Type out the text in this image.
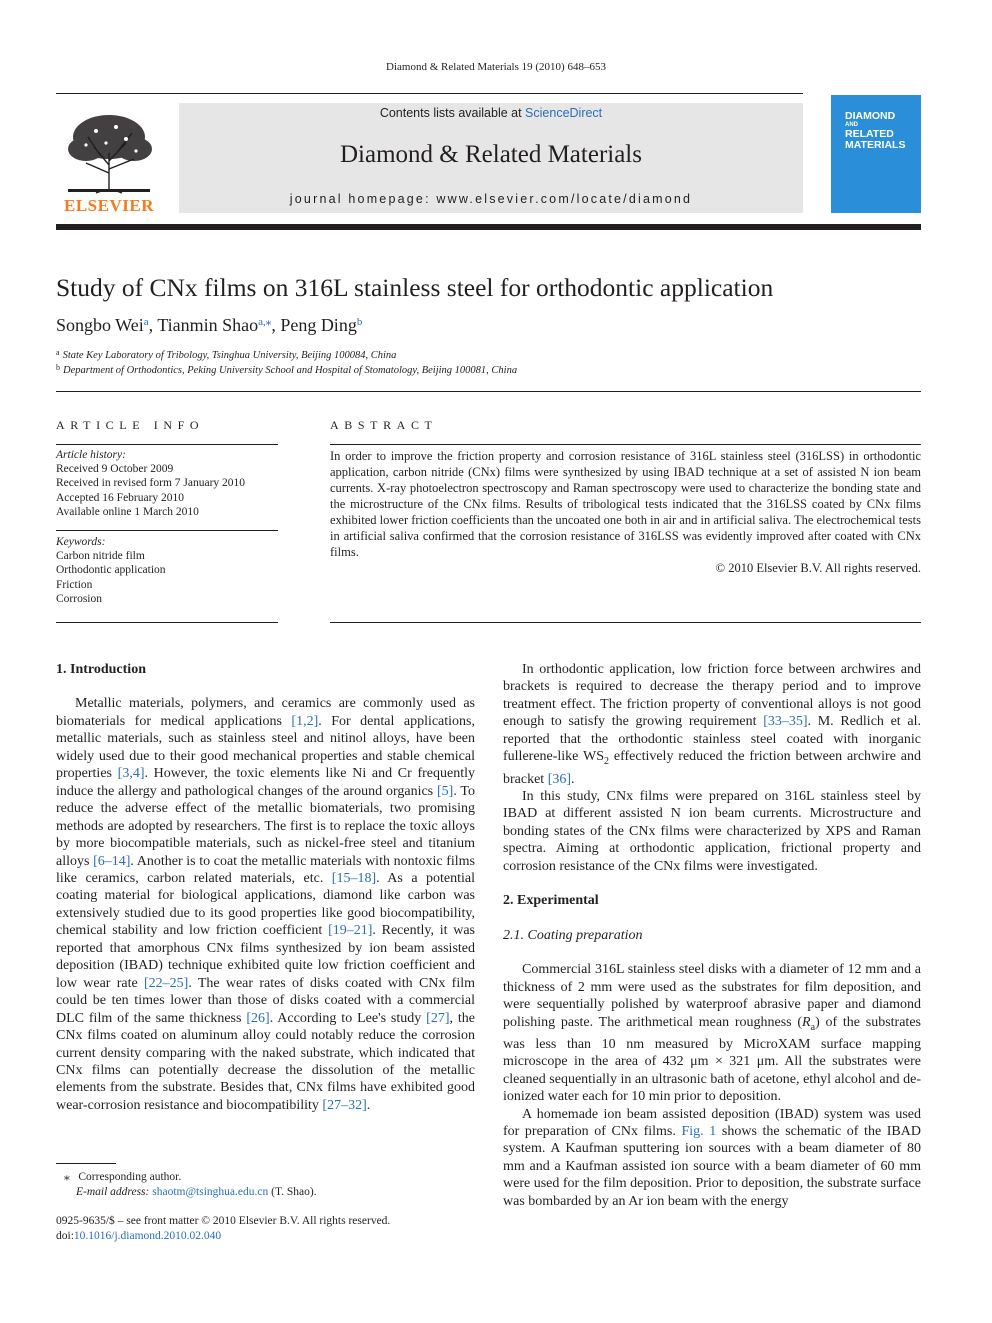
Diamond & Related Materials 19 (2010) 648–653
ELSEVIER
Contents lists available at ScienceDirect
Diamond & Related Materials
journal homepage: www.elsevier.com/locate/diamond
DIAMOND
AND
RELATED
MATERIALS
Study of CNx films on 316L stainless steel for orthodontic application
Songbo Wei$^a$, Tianmin Shao$^{a,⁎}$, Peng Ding$^b$
$^a$ State Key Laboratory of Tribology, Tsinghua University, Beijing 100084, China
$^b$ Department of Orthodontics, Peking University School and Hospital of Stomatology, Beijing 100081, China
ARTICLE INFO
Article history:
Received 9 October 2009
Received in revised form 7 January 2010
Accepted 16 February 2010
Available online 1 March 2010
Keywords:
Carbon nitride film
Orthodontic application
Friction
Corrosion
ABSTRACT
In order to improve the friction property and corrosion resistance of 316L stainless steel (316LSS) in orthodontic application, carbon nitride (CNx) films were synthesized by using IBAD technique at a set of assisted N ion beam currents. X-ray photoelectron spectroscopy and Raman spectroscopy were used to characterize the bonding state and the microstructure of the CNx films. Results of tribological tests indicated that the 316LSS coated by CNx films exhibited lower friction coefficients than the uncoated one both in air and in artificial saliva. The electrochemical tests in artificial saliva confirmed that the corrosion resistance of 316LSS was evidently improved after coated with CNx films.
© 2010 Elsevier B.V. All rights reserved.
1. Introduction

Metallic materials, polymers, and ceramics are commonly used as biomaterials for medical applications [1,2]. For dental applications, metallic materials, such as stainless steel and nitinol alloys, have been widely used due to their good mechanical properties and stable chemical properties [3,4]. However, the toxic elements like Ni and Cr frequently induce the allergy and pathological changes of the around organics [5]. To reduce the adverse effect of the metallic biomaterials, two promising methods are adopted by researchers. The first is to replace the toxic alloys by more biocompatible materials, such as nickel-free steel and titanium alloys [6–14]. Another is to coat the metallic materials with nontoxic films like ceramics, carbon related materials, etc. [15–18]. As a potential coating material for biological applications, diamond like carbon was extensively studied due to its good properties like good biocompatibility, chemical stability and low friction coefficient [19–21]. Recently, it was reported that amorphous CNx films synthesized by ion beam assisted deposition (IBAD) technique exhibited quite low friction coefficient and low wear rate [22–25]. The wear rates of disks coated with CNx film could be ten times lower than those of disks coated with a commercial DLC film of the same thickness [26]. According to Lee's study [27], the CNx films coated on aluminum alloy could notably reduce the corrosion current density comparing with the naked substrate, which indicated that CNx films can potentially decrease the dissolution of the metallic elements from the substrate. Besides that, CNx films have exhibited good wear-corrosion resistance and biocompatibility [27–32].

⁎ Corresponding author.
E-mail address: shaotm@tsinghua.edu.cn (T. Shao).
0925-9635/$ – see front matter © 2010 Elsevier B.V. All rights reserved.
doi:10.1016/j.diamond.2010.02.040

In orthodontic application, low friction force between archwires and brackets is required to decrease the therapy period and to improve treatment effect. The friction property of conventional alloys is not good enough to satisfy the growing requirement [33–35]. M. Redlich et al. reported that the orthodontic stainless steel coated with inorganic fullerene-like $WS_2$ effectively reduced the friction between archwire and bracket [36].

In this study, CNx films were prepared on 316L stainless steel by IBAD at different assisted N ion beam currents. Microstructure and bonding states of the CNx films were characterized by XPS and Raman spectra. Aiming at orthodontic application, frictional property and corrosion resistance of the CNx films were investigated.

2. Experimental
2.1. Coating preparation

Commercial 316L stainless steel disks with a diameter of 12 mm and a thickness of 2 mm were used as the substrates for film deposition, and were sequentially polished by waterproof abrasive paper and diamond polishing paste. The arithmetical mean roughness $(R_a)$ of the substrates was less than 10 nm measured by MicroXAM surface mapping microscope in the area of 432 μm × 321 μm. All the substrates were cleaned sequentially in an ultrasonic bath of acetone, ethyl alcohol and de-ionized water each for 10 min prior to deposition.

A homemade ion beam assisted deposition (IBAD) system was used for preparation of CNx films. Fig. 1 shows the schematic of the IBAD system. A Kaufman sputtering ion sources with a beam diameter of 80 mm and a Kaufman assisted ion source with a beam diameter of 60 mm were used for the film deposition. Prior to deposition, the substrate surface was bombarded by an Ar ion beam with the energy
